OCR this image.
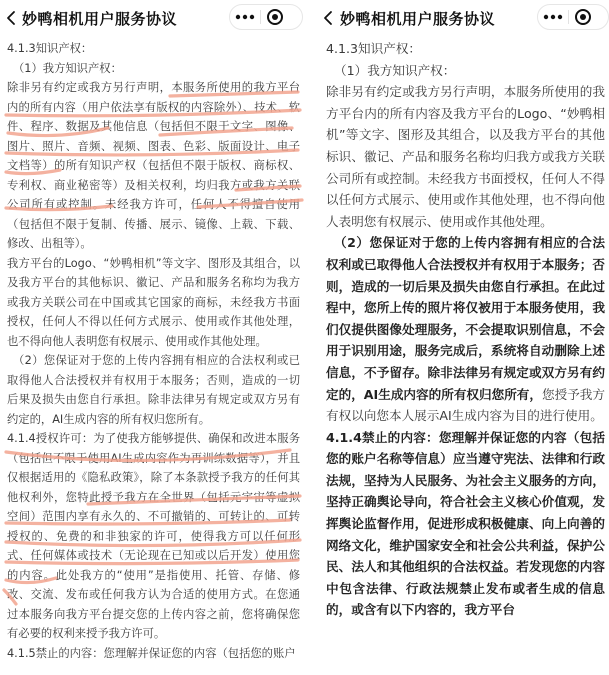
妙鸭相机用户服务协议

4.1.3知识产权：

（1）我方知识产权：

除非另有约定或我方另行声明，本服务所使用的我方平台内的所有内容（用户依法享有版权的内容除外）、技术、软件、程序、数据及其他信息（包括但不限于文字、图像、图片、照片、音频、视频、图表、色彩、版面设计、电子文档等）的所有知识产权（包括但不限于版权、商标权、专利权、商业秘密等）及相关权利，均归我方或我方关联公司所有或控制。未经我方许可，任何人不得擅自使用（包括但不限于复制、传播、展示、镜像、上载、下载、修改、出租等）。

我方平台的Logo、“妙鸭相机”等文字、图形及其组合，以及我方平台的其他标识、徽记、产品和服务名称均为我方或我方关联公司在中国或其它国家的商标，未经我方书面授权，任何人不得以任何方式展示、使用或作其他处理，也不得向他人表明您有权展示、使用或作其他处理。

（2）您保证对于您的上传内容拥有相应的合法权利或已取得他人合法授权并有权用于本服务；否则，造成的一切后果及损失由您自行承担。除非法律另有规定或双方另有约定的，AI生成内容的所有权归您所有。

4.1.4授权许可：为了使我方能够提供、确保和改进本服务（包括但不限于使用AI生成内容作为再训练数据等），并且仅根据适用的《隐私政策》，除了本条款授予我方的任何其他权利外，您特此授予我方在全世界（包括元宇宙等虚拟空间）范围内享有永久的、不可撤销的、可转让的、可转授权的、免费的和非独家的许可，使得我方可以任何形式、任何媒体或技术（无论现在已知或以后开发）使用您的内容。此处我方的“使用”是指使用、托管、存储、修改、交流、发布或任何我方认为合适的使用方式。在您通过本服务向我方平台提交您的上传内容之前，您将确保您有必要的权利来授予我方许可。

4.1.5禁止的内容：您理解并保证您的内容（包括您的账户

妙鸭相机用户服务协议

4.1.3知识产权：

（1）我方知识产权：

除非另有约定或我方另行声明，本服务所使用的我方平台内的所有内容及我方平台的Logo、“妙鸭相机”等文字、图形及其组合，以及我方平台的其他标识、徽记、产品和服务名称均归我方或我方关联公司所有或控制。未经我方书面授权，任何人不得以任何方式展示、使用或作其他处理，也不得向他人表明您有权展示、使用或作其他处理。

（2）您保证对于您的上传内容拥有相应的合法权利或已取得他人合法授权并有权用于本服务；否则，造成的一切后果及损失由您自行承担。在此过程中，您所上传的照片将仅被用于本服务使用，我们仅提供图像处理服务，不会提取识别信息，不会用于识别用途，服务完成后，系统将自动删除上述信息，不予留存。除非法律另有规定或双方另有约定的，AI生成内容的所有权归您所有，您授予我方有权以向您本人展示AI生成内容为目的进行使用。

4.1.4禁止的内容：您理解并保证您的内容（包括您的账户名称等信息）应当遵守宪法、法律和行政法规，坚持为人民服务、为社会主义服务的方向，坚持正确舆论导向，符合社会主义核心价值观，发挥舆论监督作用，促进形成积极健康、向上向善的网络文化，维护国家安全和社会公共利益，保护公民、法人和其他组织的合法权益。若发现您的内容中包含法律、行政法规禁止发布或者生成的信息的，或含有以下内容的，我方平台
